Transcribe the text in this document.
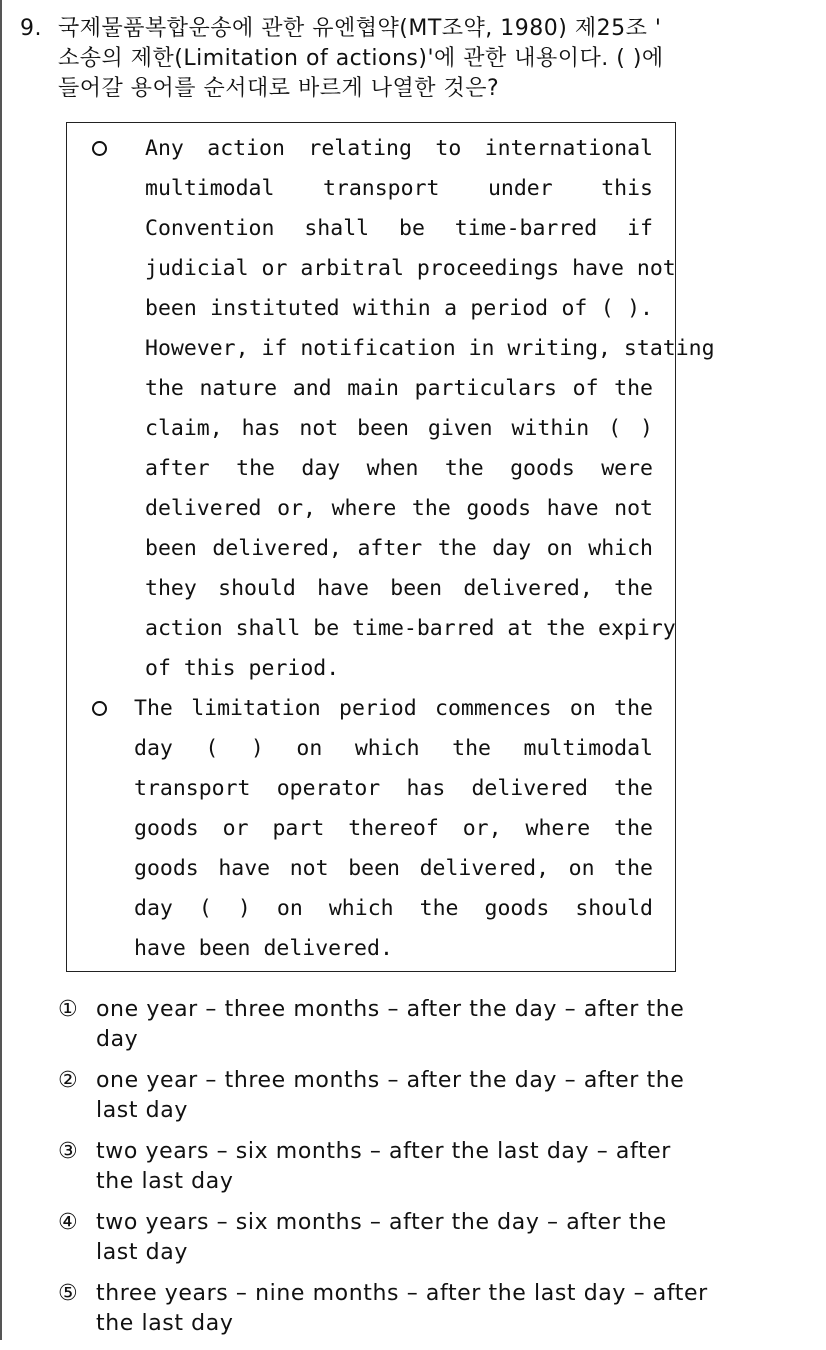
9. 국제물품복합운송에 관한 유엔협약(MT조약, 1980) 제25조 '
소송의 제한(Limitation of actions)'에 관한 내용이다. ( )에
들어갈 용어를 순서대로 바르게 나열한 것은?
Any action relating to international
multimodal transport under this
Convention shall be time-barred if
judicial or arbitral proceedings have not
been instituted within a period of ( ).
However, if notification in writing, stating
the nature and main particulars of the
claim, has not been given within ( )
after the day when the goods were
delivered or, where the goods have not
been delivered, after the day on which
they should have been delivered, the
action shall be time-barred at the expiry
of this period.
The limitation period commences on the
day ( ) on which the multimodal
transport operator has delivered the
goods or part thereof or, where the
goods have not been delivered, on the
day ( ) on which the goods should
have been delivered.
① one year – three months – after the day – after the
day
② one year – three months – after the day – after the
last day
③ two years – six months – after the last day – after
the last day
④ two years – six months – after the day – after the
last day
⑤ three years – nine months – after the last day – after
the last day
